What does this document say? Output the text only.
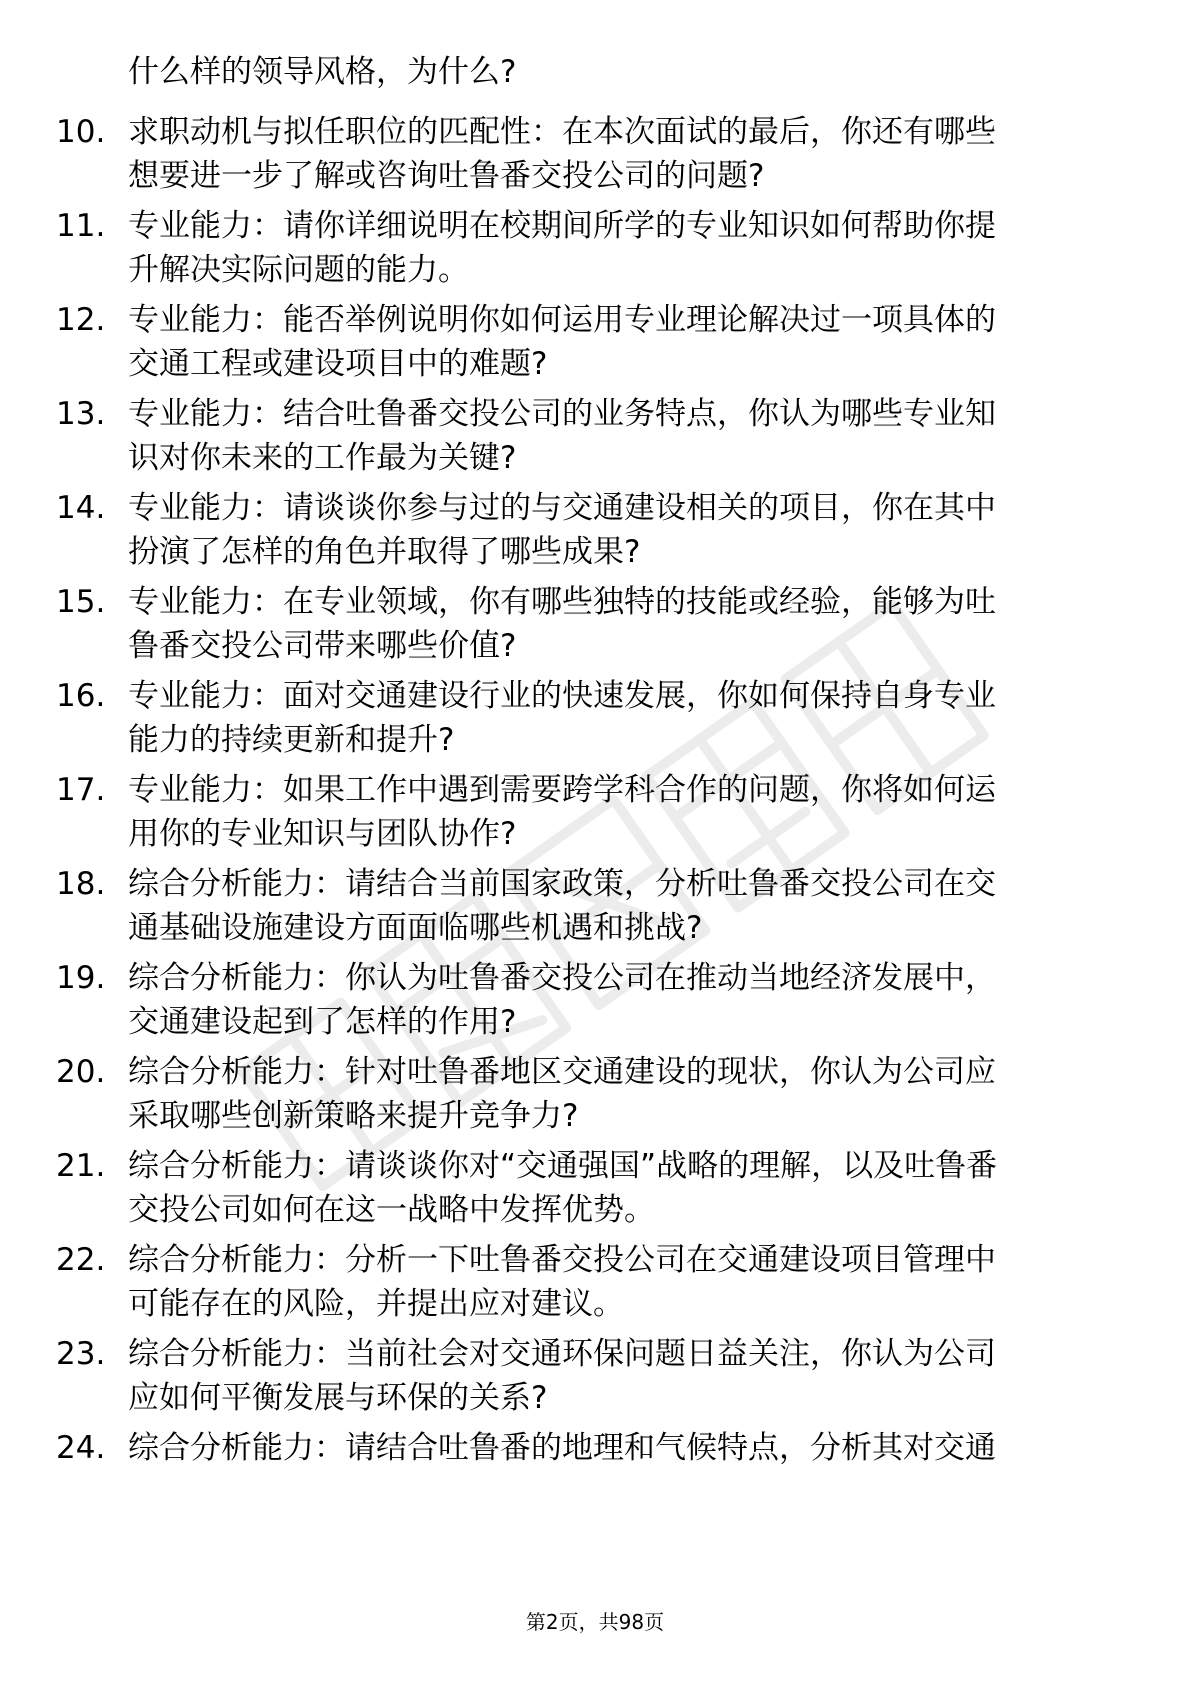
什么样的领导风格，为什么?
10. 求职动机与拟任职位的匹配性：在本次面试的最后，你还有哪些
想要进一步了解或咨询吐鲁番交投公司的问题?
11. 专业能力：请你详细说明在校期间所学的专业知识如何帮助你提
升解决实际问题的能力。
12. 专业能力：能否举例说明你如何运用专业理论解决过一项具体的
交通工程或建设项目中的难题?
13. 专业能力：结合吐鲁番交投公司的业务特点，你认为哪些专业知
识对你未来的工作最为关键?
14. 专业能力：请谈谈你参与过的与交通建设相关的项目，你在其中
扮演了怎样的角色并取得了哪些成果?
15. 专业能力：在专业领域，你有哪些独特的技能或经验，能够为吐
鲁番交投公司带来哪些价值?
16. 专业能力：面对交通建设行业的快速发展，你如何保持自身专业
能力的持续更新和提升?
17. 专业能力：如果工作中遇到需要跨学科合作的问题，你将如何运
用你的专业知识与团队协作?
18. 综合分析能力：请结合当前国家政策，分析吐鲁番交投公司在交
通基础设施建设方面面临哪些机遇和挑战?
19. 综合分析能力：你认为吐鲁番交投公司在推动当地经济发展中，
交通建设起到了怎样的作用?
20. 综合分析能力：针对吐鲁番地区交通建设的现状，你认为公司应
采取哪些创新策略来提升竞争力?
21. 综合分析能力：请谈谈你对“交通强国”战略的理解，以及吐鲁番
交投公司如何在这一战略中发挥优势。
22. 综合分析能力：分析一下吐鲁番交投公司在交通建设项目管理中
可能存在的风险，并提出应对建议。
23. 综合分析能力：当前社会对交通环保问题日益关注，你认为公司
应如何平衡发展与环保的关系?
24. 综合分析能力：请结合吐鲁番的地理和气候特点，分析其对交通
第2页，共98页
